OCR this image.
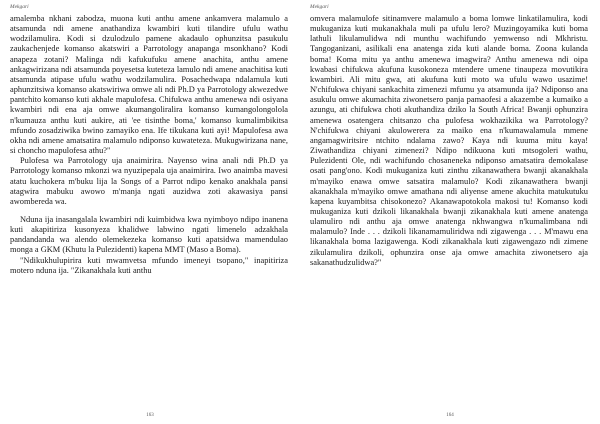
Mekgari

amalemba nkhani zabodza, muona kuti anthu amene ankamvera malamulo a atsamunda ndi amene anathandiza kwambiri kuti tilandire ufulu wathu wodzilamulira. Kodi si dzulodzulo pamene akadaulo ophunzitsa pasukulu zaukachenjede komanso akatswiri a Parrotology anapanga msonkhano? Kodi anapeza zotani? Malinga ndi kafukufuku amene anachita, anthu amene ankagwirizana ndi atsamunda poyesetsa kuteteza lamulo ndi amene anachitisa kuti atsamunda atipase ufulu wathu wodzilamulira. Posachedwapa ndalamula kuti aphunzitsiwa komanso akatswiriwa omwe ali ndi Ph.D ya Parrotology akwezedwe pantchito komanso kuti akhale mapulofesa. Chifukwa anthu amenewa ndi osiyana kwambiri ndi ena aja omwe akumangoliralira komanso kumangolongolola n'kumauza anthu kuti aukire, ati 'ee tisinthe boma,' komanso kumalimbikitsa mfundo zosadziwika bwino zamayiko ena. Ife tikukana kuti ayi! Mapulofesa awa okha ndi amene amatsatira malamulo ndiponso kuwateteza. Mukugwirizana nane, si choncho mapulofesa athu?"

Pulofesa wa Parrotology uja anaimirira. Nayenso wina anali ndi Ph.D ya Parrotology komanso mkonzi wa nyuzipepala uja anaimirira. Iwo anaimba mavesi atatu kuchokera m'buku lija la Songs of a Parrot ndipo kenako anakhala pansi atagwira mabuku awowo m'manja ngati auzidwa zoti akawasiya pansi awombereda wa.

Nduna ija inasangalala kwambiri ndi kuimbidwa kwa nyimboyo ndipo inanena kuti akapitiriza kusonyeza khalidwe labwino ngati limenelo adzakhala pandandanda wa alendo olemekezeka komanso kuti apatsidwa mamendulao monga a GKM (Khutu la Pulezidenti) kapena MMT (Maso a Boma).

"Ndikukhulupirira kuti mwamvetsa mfundo imeneyi tsopano," inapitiriza motero nduna ija. "Zikanakhala kuti anthu

163
Mekgari

omvera malamulofe sitinamvere malamulo a boma lomwe linkatilamulira, kodi mukuganiza kuti mukanakhala muli pa ufulu lero? Muzingoyamika kuti boma lathuli likulamulidwa ndi munthu wachifundo yemwenso ndi Mkhristu. Tangoganizani, asilikali ena anatenga zida kuti alande boma. Zoona kulanda boma! Koma mitu ya anthu amenewa imagwira? Anthu amenewa ndi oipa kwabasi chifukwa akufuna kusokoneza mtendere umene tinaupeza movutikira kwambiri. Ali mitu gwa, ati akufuna kuti moto wa ufulu wawo usazime! N'chifukwa chiyani sankachita zimenezi mfumu ya atsamunda ija? Ndiponso ana asukulu omwe akumachita ziwonetsero panja pamaofesi a akazembe a kumaiko a azungu, ati chifukwa choti akuthandiza dziko la South Africa! Bwanji ophunzira amenewa osatengera chitsanzo cha pulofesa wokhazikika wa Parrotology? N'chifukwa chiyani akulowerera za maiko ena n'kumawalamula mmene angamagwiritsire ntchito ndalama zawo? Kaya ndi kuuma mitu kaya! Ziwathandiza chiyani zimenezi? Ndipo ndikuona kuti mtsogoleri wathu, Pulezidenti Ole, ndi wachifundo chosaneneka ndiponso amatsatira demokalase osati pang'ono. Kodi mukuganiza kuti zinthu zikanawathera bwanji akanakhala m'mayiko enawa omwe satsatira malamulo? Kodi zikanawathera bwanji akanakhala m'mayiko omwe amathana ndi aliyense amene akuchita matukutuku kapena kuyambitsa chisokonezo? Akanawapotokola makosi tu! Komanso kodi mukuganiza kuti dzikoli likanakhala bwanji zikanakhala kuti amene anatenga ulamuliro ndi anthu aja omwe anatenga nkhwangwa n'kumalimbana ndi malamulo? Inde . . . dzikoli likanamamuliridwa ndi zigawenga . . . M'mawu ena likanakhala boma lazigawenga. Kodi zikanakhala kuti zigawengazo ndi zimene zikulamulira dzikoli, ophunzira onse aja omwe amachita ziwonetsero aja sakanathudzulidwa?"

164
